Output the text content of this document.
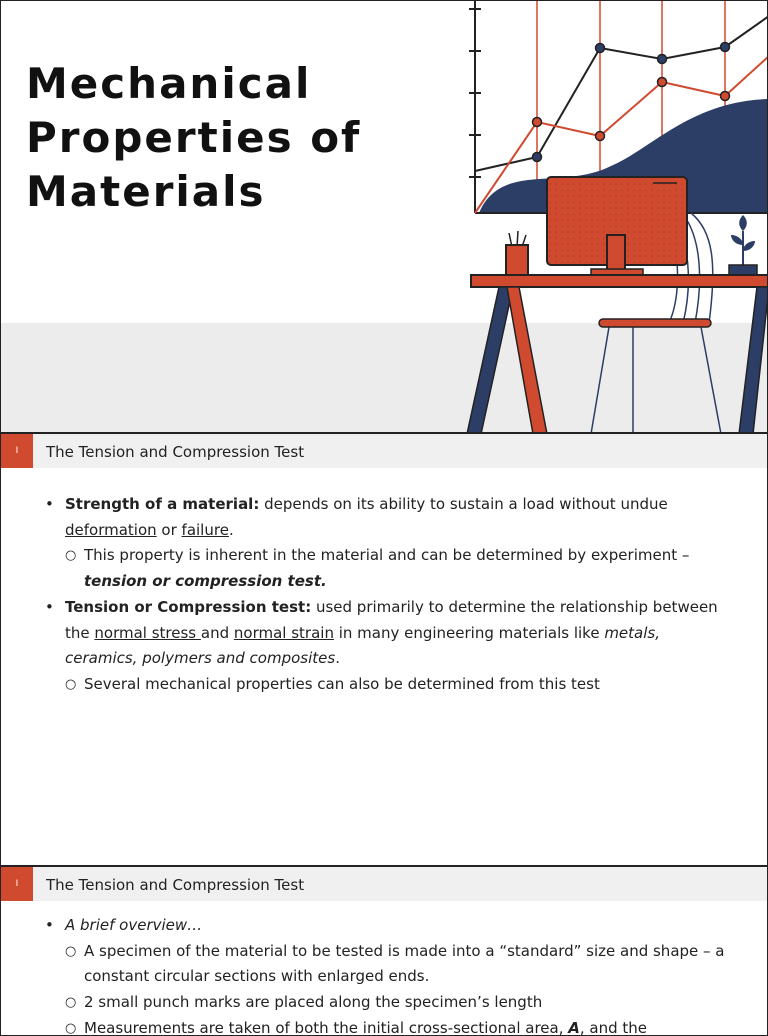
Mechanical
Properties of
Materials
I	The Tension and Compression Test
• Strength of a material: depends on its ability to sustain a load without undue deformation or failure.
○ This property is inherent in the material and can be determined by experiment – tension or compression test.
• Tension or Compression test: used primarily to determine the relationship between the normal stress and normal strain in many engineering materials like metals, ceramics, polymers and composites.
○ Several mechanical properties can also be determined from this test
I	The Tension and Compression Test
• A brief overview…
○ A specimen of the material to be tested is made into a “standard” size and shape – a constant circular sections with enlarged ends.
○ 2 small punch marks are placed along the specimen’s length
○ Measurements are taken of both the initial cross-sectional area, A, and the
